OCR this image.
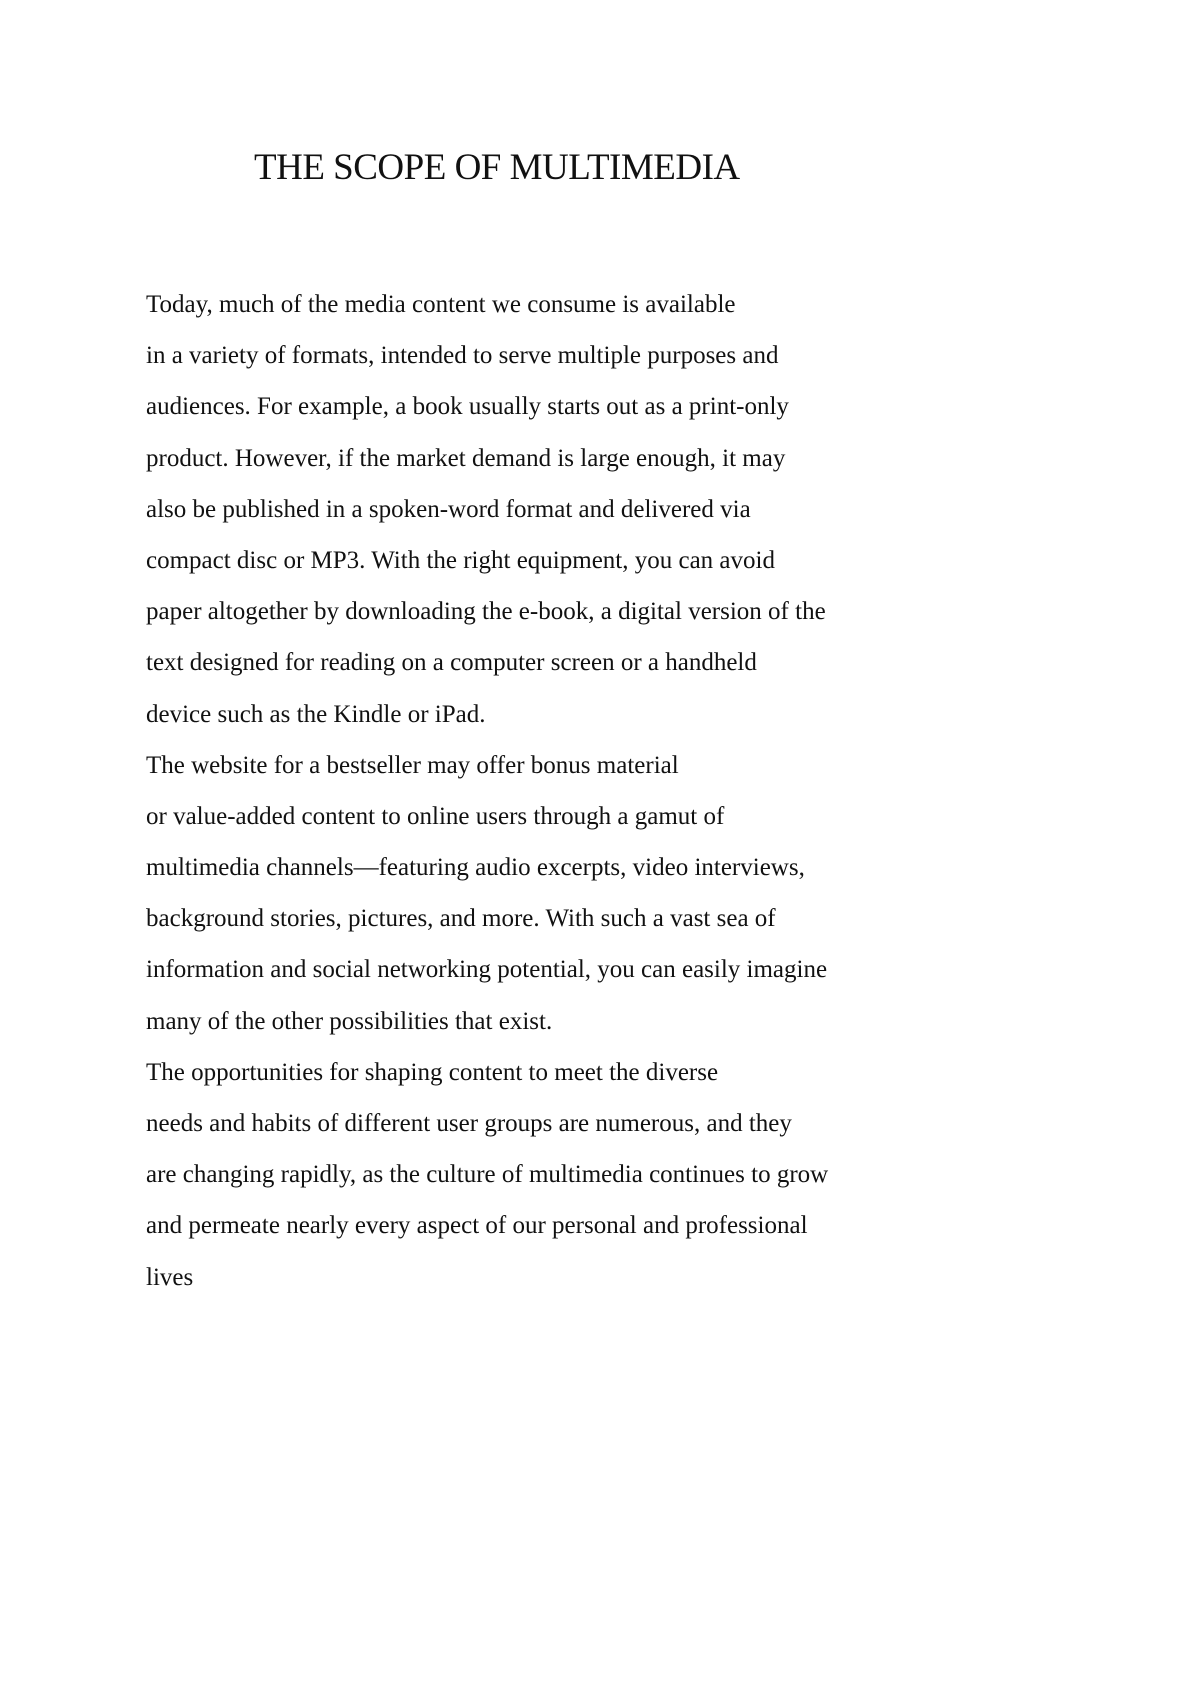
THE SCOPE OF MULTIMEDIA
Today, much of the media content we consume is available
in a variety of formats, intended to serve multiple purposes and
audiences. For example, a book usually starts out as a print-only
product. However, if the market demand is large enough, it may
also be published in a spoken-word format and delivered via
compact disc or MP3. With the right equipment, you can avoid
paper altogether by downloading the e-book, a digital version of the
text designed for reading on a computer screen or a handheld
device such as the Kindle or iPad.
The website for a bestseller may offer bonus material
or value-added content to online users through a gamut of
multimedia channels—featuring audio excerpts, video interviews,
background stories, pictures, and more. With such a vast sea of
information and social networking potential, you can easily imagine
many of the other possibilities that exist.
The opportunities for shaping content to meet the diverse
needs and habits of different user groups are numerous, and they
are changing rapidly, as the culture of multimedia continues to grow
and permeate nearly every aspect of our personal and professional
lives
